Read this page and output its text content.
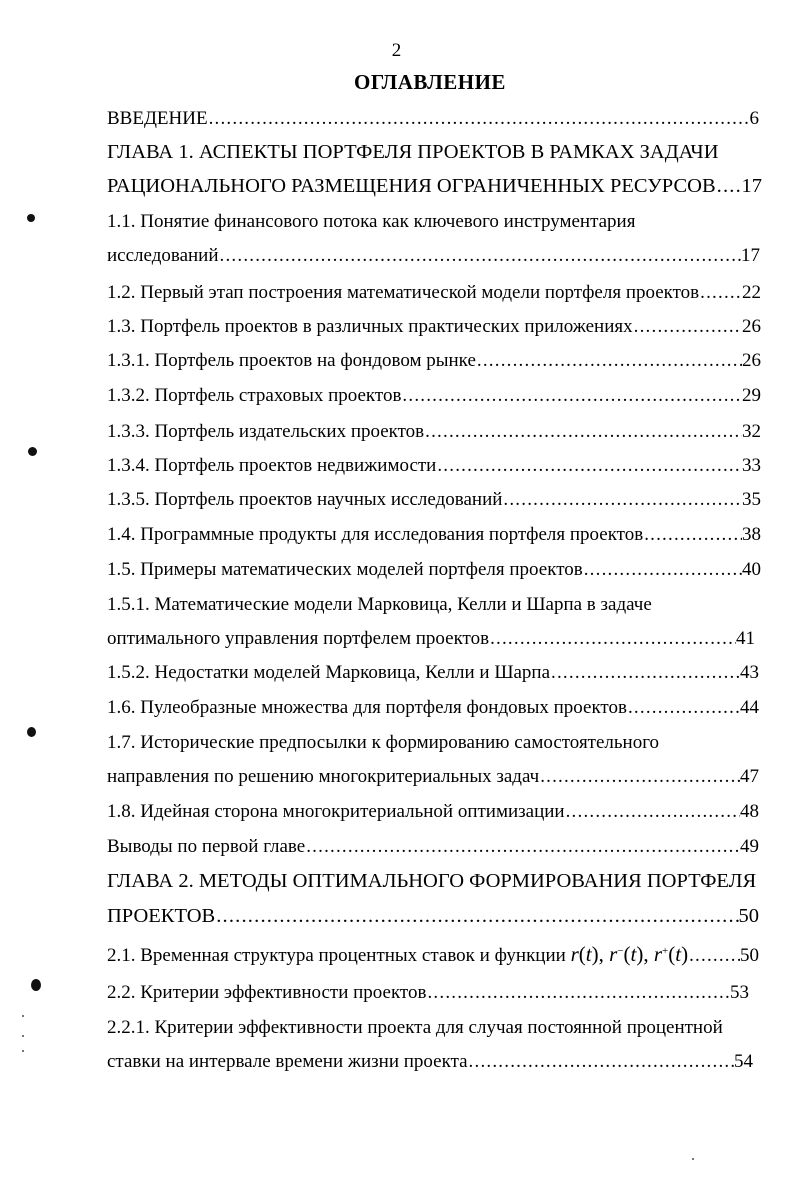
2
ОГЛАВЛЕНИЕ
ВВЕДЕНИЕ .....	6
ГЛАВА 1. АСПЕКТЫ ПОРТФЕЛЯ ПРОЕКТОВ В РАМКАХ ЗАДАЧИ
РАЦИОНАЛЬНОГО РАЗМЕЩЕНИЯ ОГРАНИЧЕННЫХ РЕСУРСОВ ..... 17
1.1. Понятие финансового потока как ключевого инструментария
исследований .....	17
1.2. Первый этап построения математической модели портфеля проектов ..... 22
1.3. Портфель проектов в различных практических приложениях .....	26
1.3.1. Портфель проектов на фондовом рынке .....	26
1.3.2. Портфель страховых проектов .....	29
1.3.3. Портфель издательских проектов .....	32
1.3.4. Портфель проектов недвижимости .....	33
1.3.5. Портфель проектов научных исследований .....	35
1.4. Программные продукты для исследования портфеля проектов .....	38
1.5. Примеры математических моделей портфеля проектов .....	40
1.5.1. Математические модели Марковица, Келли и Шарпа в задаче
оптимального управления портфелем проектов .....	41
1.5.2. Недостатки моделей Марковица, Келли и Шарпа .....	43
1.6. Пулеобразные множества для портфеля фондовых проектов .....	44
1.7. Исторические предпосылки к формированию самостоятельного
направления по решению многокритериальных задач .....	47
1.8. Идейная сторона многокритериальной оптимизации .....	48
Выводы по первой главе .....	49
ГЛАВА 2. МЕТОДЫ ОПТИМАЛЬНОГО ФОРМИРОВАНИЯ ПОРТФЕЛЯ
ПРОЕКТОВ .....	50
2.1. Временная структура процентных ставок и функции r(t), r−(t), r+(t) .....	50
2.2. Критерии эффективности проектов .....	53
2.2.1. Критерии эффективности проекта для случая постоянной процентной
ставки на интервале времени жизни проекта .....	54
